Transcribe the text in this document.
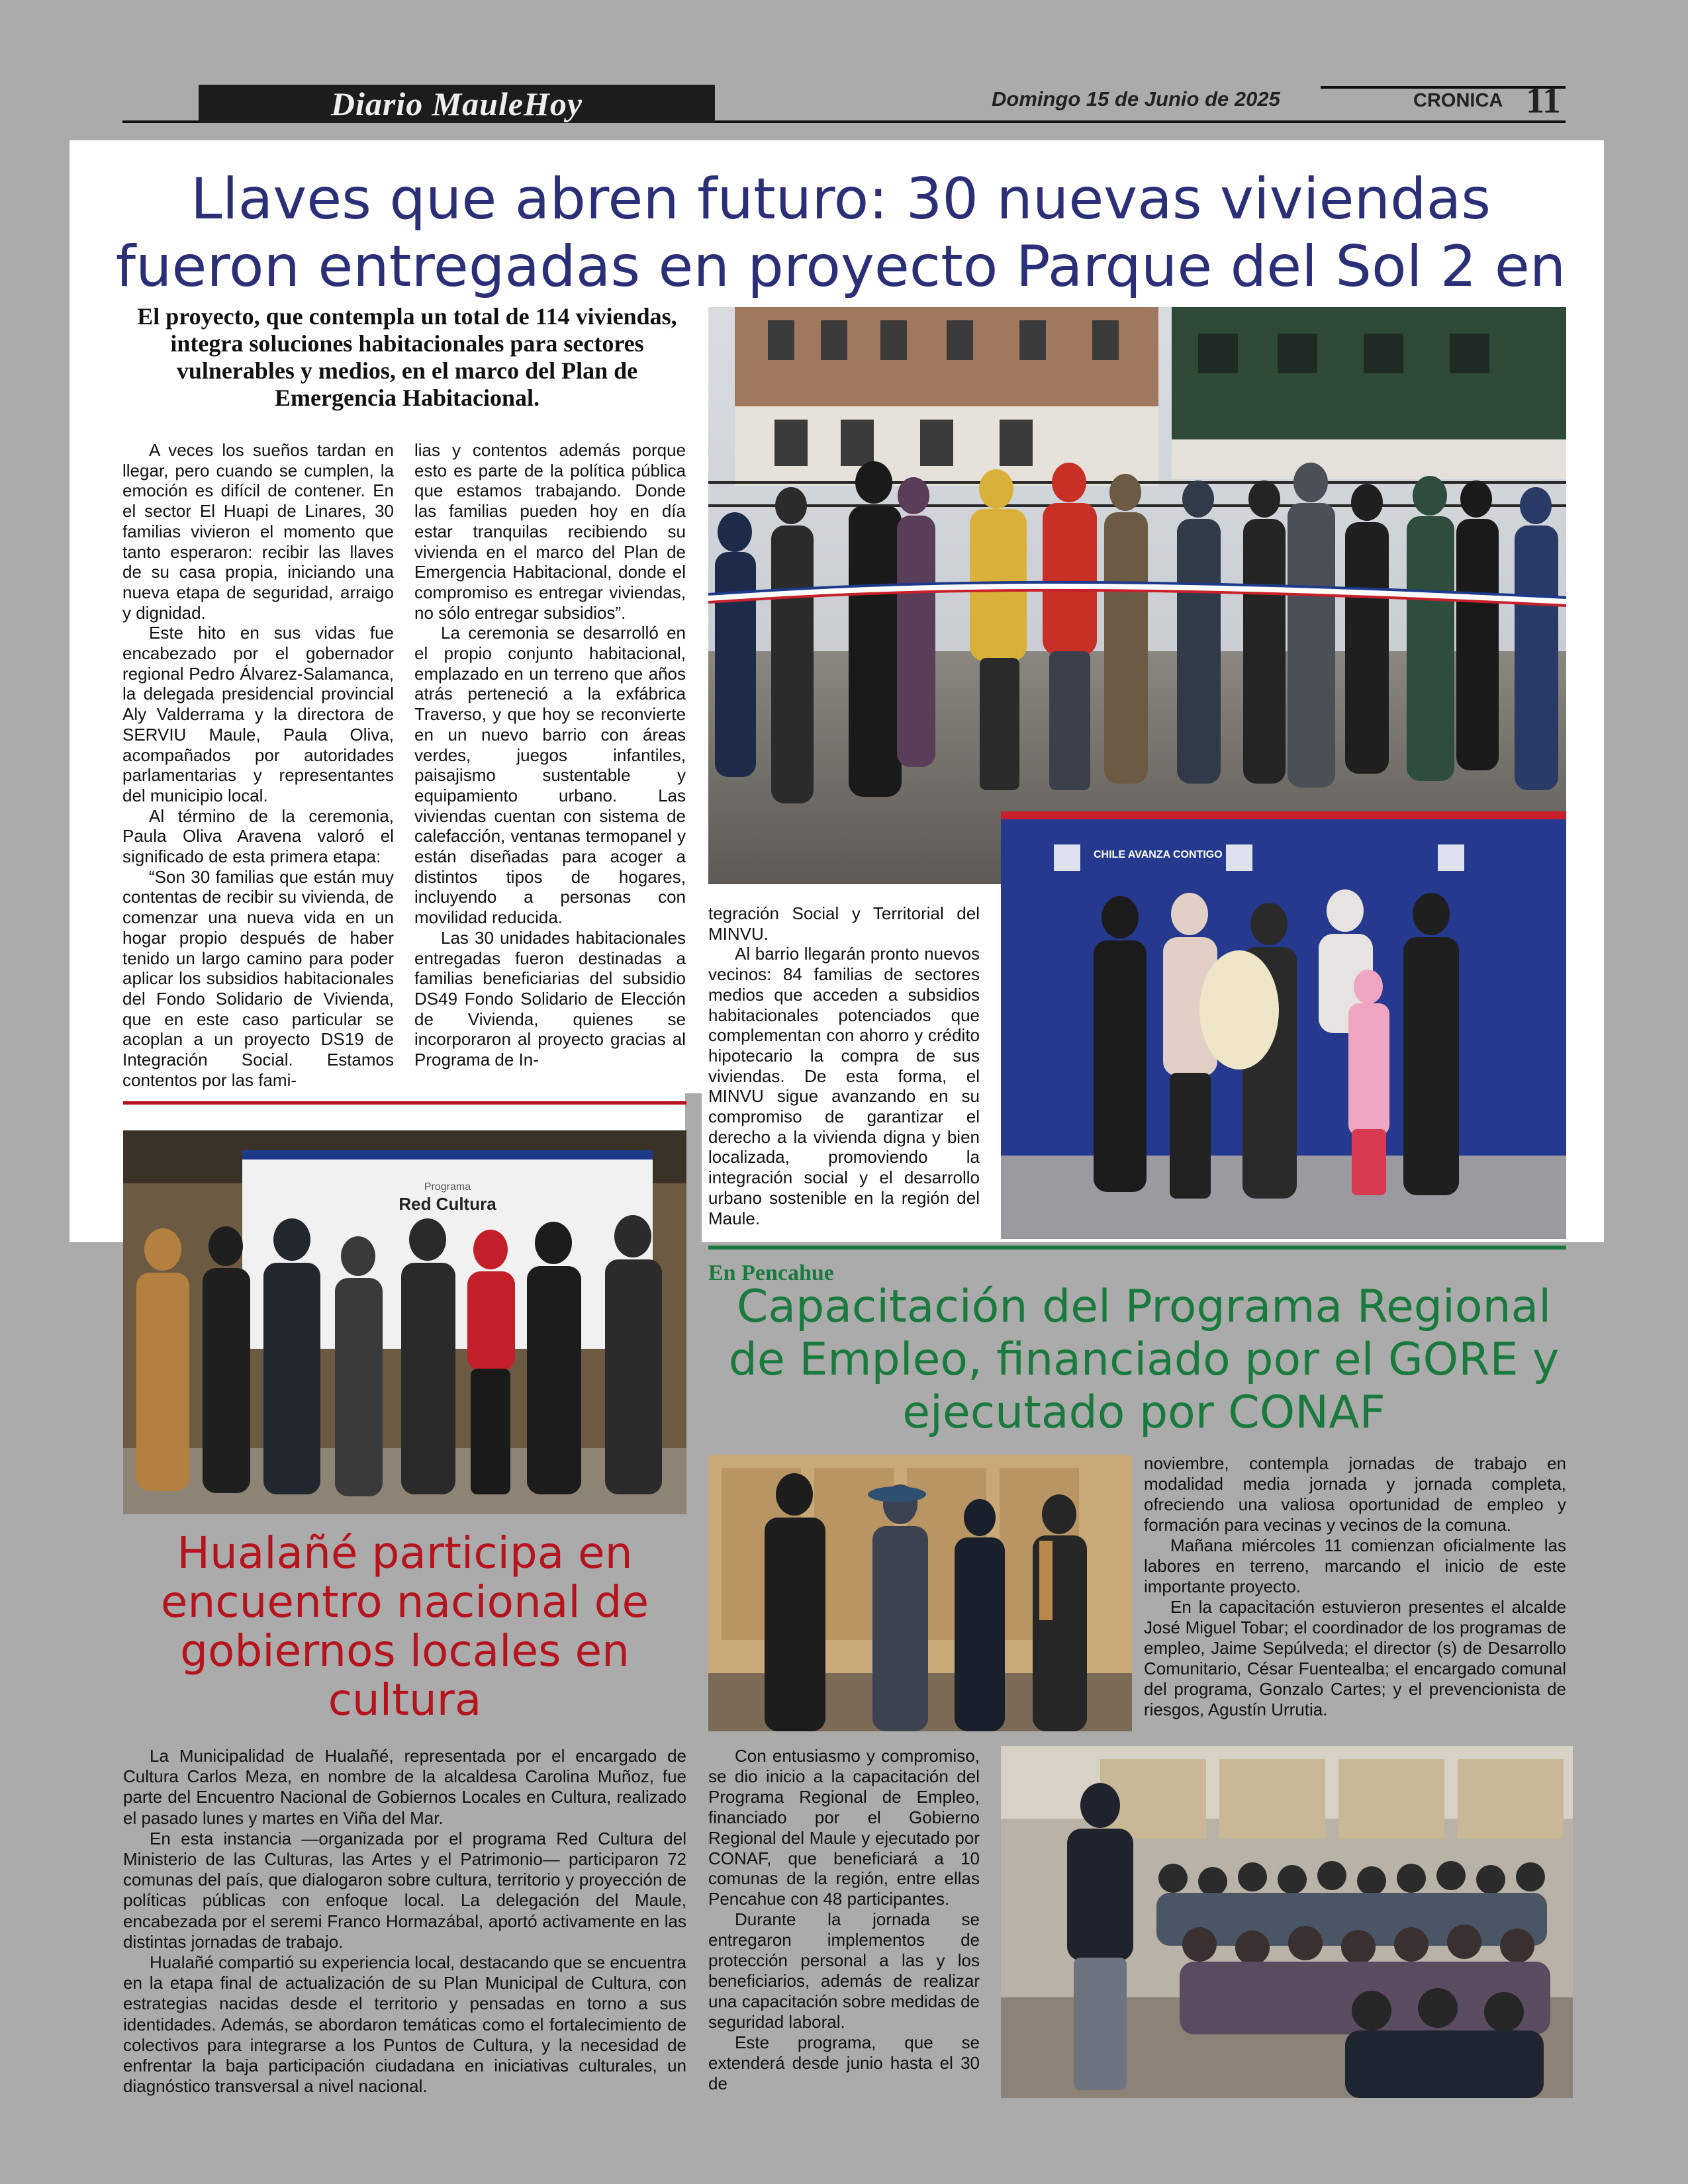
Diario MauleHoy	Domingo 15 de Junio de 2025	CRONICA 11
Llaves que abren futuro: 30 nuevas viviendas fueron entregadas en proyecto Parque del Sol 2 en
El proyecto, que contempla un total de 114 viviendas, integra soluciones habitacionales para sectores vulnerables y medios, en el marco del Plan de Emergencia Habitacional.

A veces los sueños tardan en llegar, pero cuando se cumplen, la emoción es difícil de contener. En el sector El Huapi de Linares, 30 familias vivieron el momento que tanto esperaron: recibir las llaves de su casa propia, iniciando una nueva etapa de seguridad, arraigo y dignidad.

Este hito en sus vidas fue encabezado por el gobernador regional Pedro Álvarez-Salamanca, la delegada presidencial provincial Aly Valderrama y la directora de SERVIU Maule, Paula Oliva, acompañados por autoridades parlamentarias y representantes del municipio local.

Al término de la ceremonia, Paula Oliva Aravena valoró el significado de esta primera etapa:

“Son 30 familias que están muy contentas de recibir su vivienda, de comenzar una nueva vida en un hogar propio después de haber tenido un largo camino para poder aplicar los subsidios habitacionales del Fondo Solidario de Vivienda, que en este caso particular se acoplan a un proyecto DS19 de Integración Social. Estamos contentos por las fami-

lias y contentos además porque esto es parte de la política pública que estamos trabajando. Donde las familias pueden hoy en día estar tranquilas recibiendo su vivienda en el marco del Plan de Emergencia Habitacional, donde el compromiso es entregar viviendas, no sólo entregar subsidios”.

La ceremonia se desarrolló en el propio conjunto habitacional, emplazado en un terreno que años atrás perteneció a la exfábrica Traverso, y que hoy se reconvierte en un nuevo barrio con áreas verdes, juegos infantiles, paisajismo sustentable y equipamiento urbano. Las viviendas cuentan con sistema de calefacción, ventanas termopanel y están diseñadas para acoger a distintos tipos de hogares, incluyendo a personas con movilidad reducida.

Las 30 unidades habitacionales entregadas fueron destinadas a familias beneficiarias del subsidio DS49 Fondo Solidario de Elección de Vivienda, quienes se incorporaron al proyecto gracias al Programa de In-

tegración Social y Territorial del MINVU.

Al barrio llegarán pronto nuevos vecinos: 84 familias de sectores medios que acceden a subsidios habitacionales potenciados que complementan con ahorro y crédito hipotecario la compra de sus viviendas. De esta forma, el MINVU sigue avanzando en su compromiso de garantizar el derecho a la vivienda digna y bien localizada, promoviendo la integración social y el desarrollo urbano sostenible en la región del Maule.

CHILE AVANZA CONTIGO
Programa
Red Cultura
Hualañé participa en encuentro nacional de gobiernos locales en cultura

La Municipalidad de Hualañé, representada por el encargado de Cultura Carlos Meza, en nombre de la alcaldesa Carolina Muñoz, fue parte del Encuentro Nacional de Gobiernos Locales en Cultura, realizado el pasado lunes y martes en Viña del Mar.

En esta instancia —organizada por el programa Red Cultura del Ministerio de las Culturas, las Artes y el Patrimonio— participaron 72 comunas del país, que dialogaron sobre cultura, territorio y proyección de políticas públicas con enfoque local. La delegación del Maule, encabezada por el seremi Franco Hormazábal, aportó activamente en las distintas jornadas de trabajo.

Hualañé compartió su experiencia local, destacando que se encuentra en la etapa final de actualización de su Plan Municipal de Cultura, con estrategias nacidas desde el territorio y pensadas en torno a sus identidades. Además, se abordaron temáticas como el fortalecimiento de colectivos para integrarse a los Puntos de Cultura, y la necesidad de enfrentar la baja participación ciudadana en iniciativas culturales, un diagnóstico transversal a nivel nacional.

En Pencahue
Capacitación del Programa Regional de Empleo, financiado por el GORE y ejecutado por CONAF

noviembre, contempla jornadas de trabajo en modalidad media jornada y jornada completa, ofreciendo una valiosa oportunidad de empleo y formación para vecinas y vecinos de la comuna.

Mañana miércoles 11 comienzan oficialmente las labores en terreno, marcando el inicio de este importante proyecto.

En la capacitación estuvieron presentes el alcalde José Miguel Tobar; el coordinador de los programas de empleo, Jaime Sepúlveda; el director (s) de Desarrollo Comunitario, César Fuentealba; el encargado comunal del programa, Gonzalo Cartes; y el prevencionista de riesgos, Agustín Urrutia.

Con entusiasmo y compromiso, se dio inicio a la capacitación del Programa Regional de Empleo, financiado por el Gobierno Regional del Maule y ejecutado por CONAF, que beneficiará a 10 comunas de la región, entre ellas Pencahue con 48 participantes.

Durante la jornada se entregaron implementos de protección personal a las y los beneficiarios, además de realizar una capacitación sobre medidas de seguridad laboral.

Este programa, que se extenderá desde junio hasta el 30 de
